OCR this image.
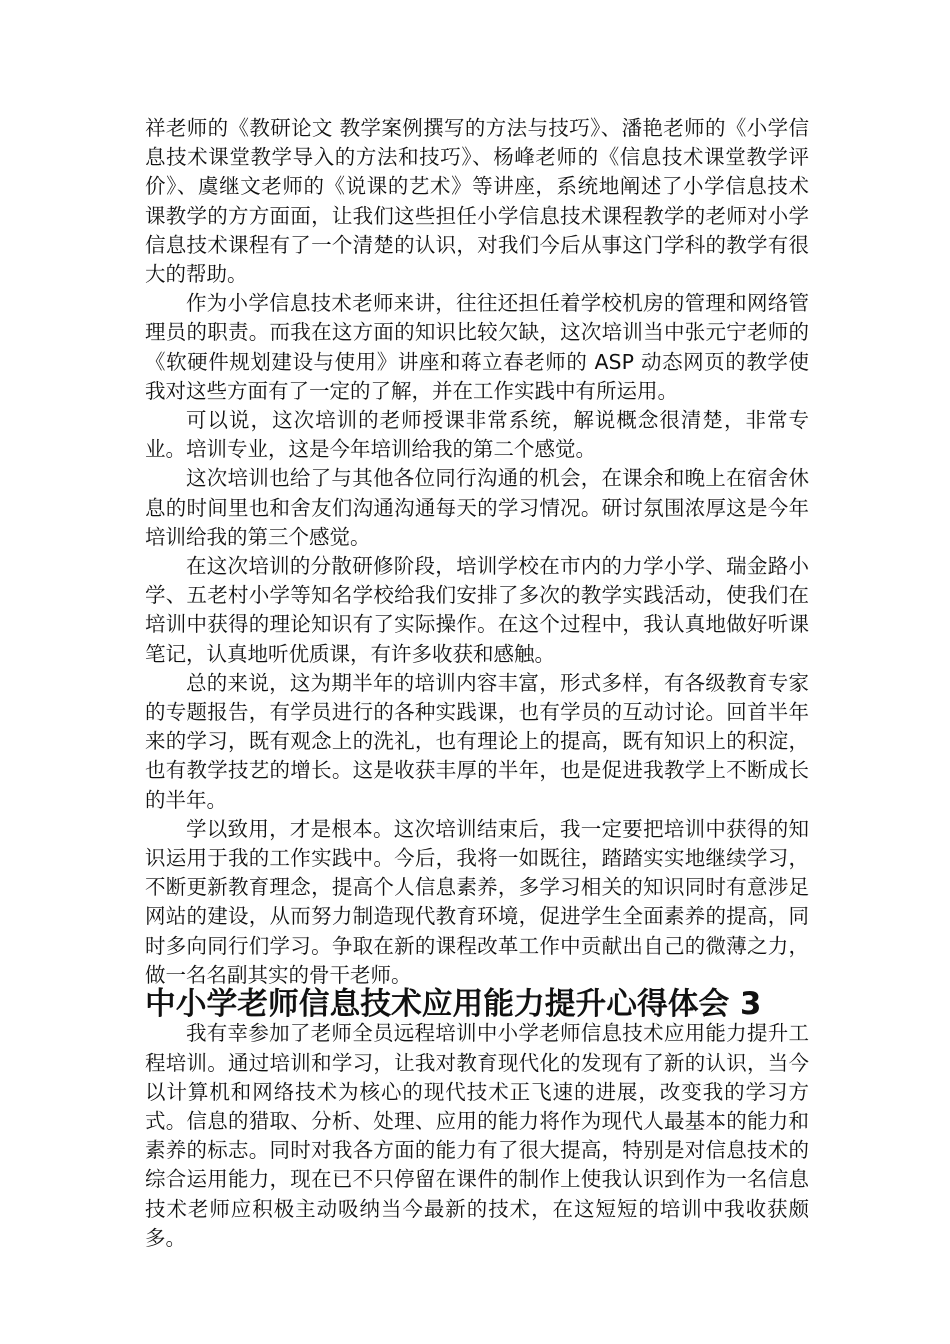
祥老师的《教研论文 教学案例撰写的方法与技巧》、潘艳老师的《小学信息技术课堂教学导入的方法和技巧》、杨峰老师的《信息技术课堂教学评价》、虞继文老师的《说课的艺术》等讲座，系统地阐述了小学信息技术课教学的方方面面，让我们这些担任小学信息技术课程教学的老师对小学信息技术课程有了一个清楚的认识，对我们今后从事这门学科的教学有很大的帮助。

作为小学信息技术老师来讲，往往还担任着学校机房的管理和网络管理员的职责。而我在这方面的知识比较欠缺，这次培训当中张元宁老师的《软硬件规划建设与使用》讲座和蒋立春老师的 ASP 动态网页的教学使我对这些方面有了一定的了解，并在工作实践中有所运用。

可以说，这次培训的老师授课非常系统，解说概念很清楚，非常专业。培训专业，这是今年培训给我的第二个感觉。

这次培训也给了与其他各位同行沟通的机会，在课余和晚上在宿舍休息的时间里也和舍友们沟通沟通每天的学习情况。研讨氛围浓厚这是今年培训给我的第三个感觉。

在这次培训的分散研修阶段，培训学校在市内的力学小学、瑞金路小学、五老村小学等知名学校给我们安排了多次的教学实践活动，使我们在培训中获得的理论知识有了实际操作。在这个过程中，我认真地做好听课笔记，认真地听优质课，有许多收获和感触。

总的来说，这为期半年的培训内容丰富，形式多样，有各级教育专家的专题报告，有学员进行的各种实践课，也有学员的互动讨论。回首半年来的学习，既有观念上的洗礼，也有理论上的提高，既有知识上的积淀，也有教学技艺的增长。这是收获丰厚的半年，也是促进我教学上不断成长的半年。

学以致用，才是根本。这次培训结束后，我一定要把培训中获得的知识运用于我的工作实践中。今后，我将一如既往，踏踏实实地继续学习，不断更新教育理念，提高个人信息素养，多学习相关的知识同时有意涉足网站的建设，从而努力制造现代教育环境，促进学生全面素养的提高，同时多向同行们学习。争取在新的课程改革工作中贡献出自己的微薄之力，做一名名副其实的骨干老师。

中小学老师信息技术应用能力提升心得体会 3

我有幸参加了老师全员远程培训中小学老师信息技术应用能力提升工程培训。通过培训和学习，让我对教育现代化的发现有了新的认识，当今以计算机和网络技术为核心的现代技术正飞速的进展，改变我的学习方式。信息的猎取、分析、处理、应用的能力将作为现代人最基本的能力和素养的标志。同时对我各方面的能力有了很大提高，特别是对信息技术的综合运用能力，现在已不只停留在课件的制作上使我认识到作为一名信息技术老师应积极主动吸纳当今最新的技术，在这短短的培训中我收获颇多。
